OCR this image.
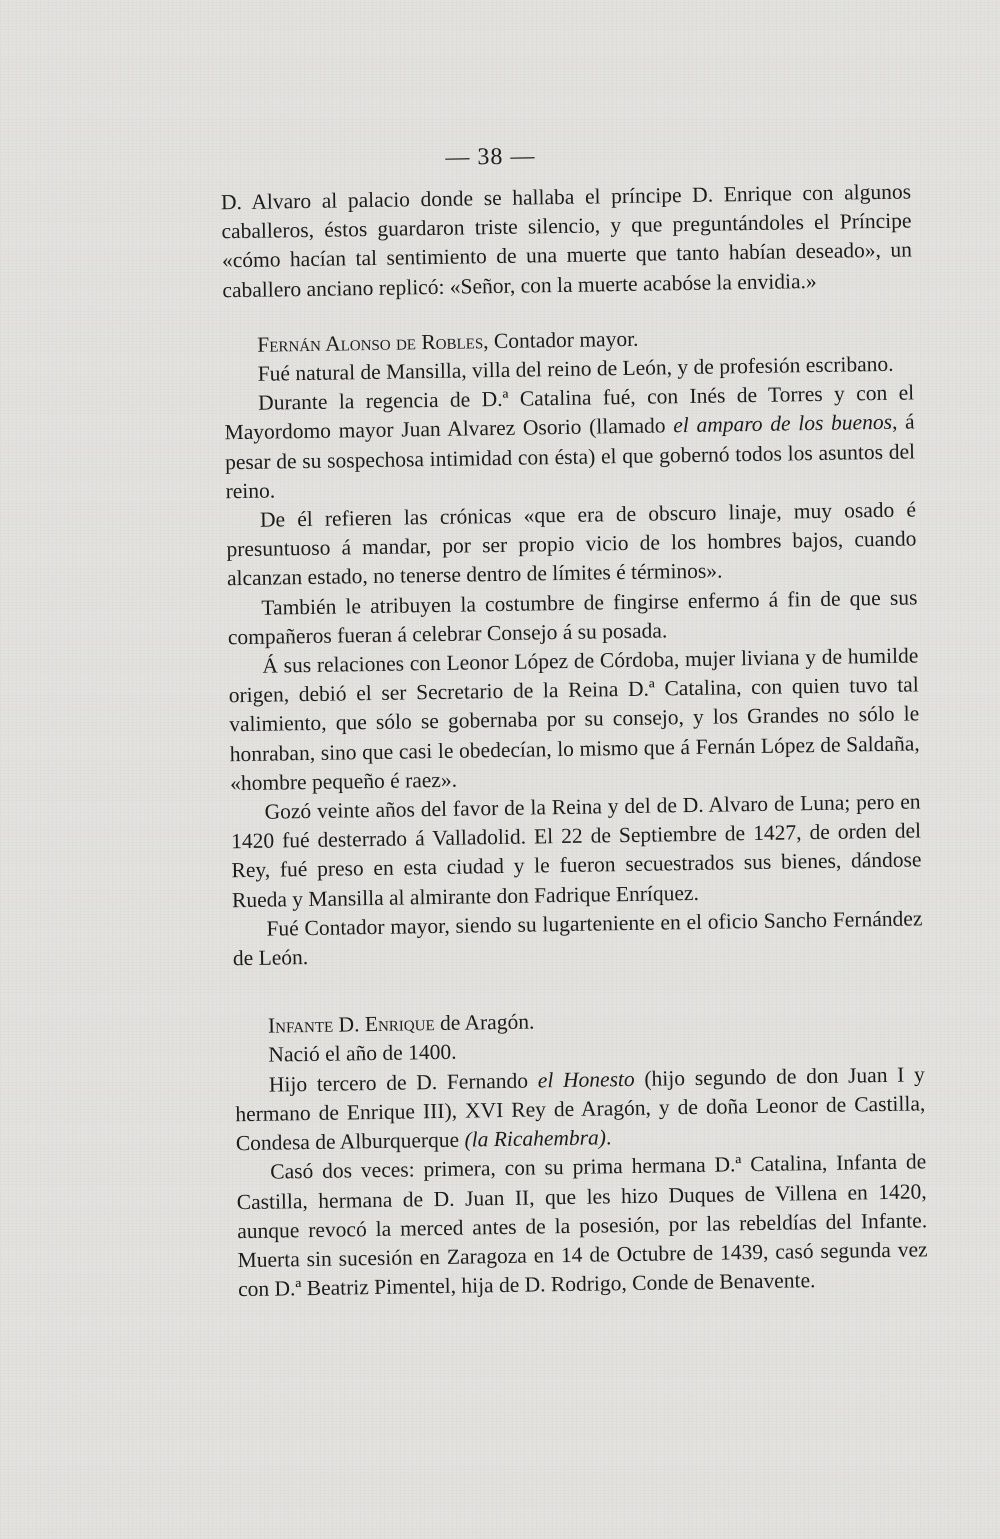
— 38 —

D. Alvaro al palacio donde se hallaba el príncipe D. Enrique con algunos caballeros, éstos guardaron triste silencio, y que preguntándoles el Príncipe «cómo hacían tal sentimiento de una muerte que tanto habían deseado», un caballero anciano replicó: «Señor, con la muerte acabóse la envidia.»

Fernán Alonso de Robles, Contador mayor.

Fué natural de Mansilla, villa del reino de León, y de profesión escribano.

Durante la regencia de D.ª Catalina fué, con Inés de Torres y con el Mayordomo mayor Juan Alvarez Osorio (llamado el amparo de los buenos, á pesar de su sospechosa intimidad con ésta) el que gobernó todos los asuntos del reino.

De él refieren las crónicas «que era de obscuro linaje, muy osado é presuntuoso á mandar, por ser propio vicio de los hombres bajos, cuando alcanzan estado, no tenerse dentro de límites é términos».

También le atribuyen la costumbre de fingirse enfermo á fin de que sus compañeros fueran á celebrar Consejo á su posada.

Á sus relaciones con Leonor López de Córdoba, mujer liviana y de humilde origen, debió el ser Secretario de la Reina D.ª Catalina, con quien tuvo tal valimiento, que sólo se gobernaba por su consejo, y los Grandes no sólo le honraban, sino que casi le obedecían, lo mismo que á Fernán López de Saldaña, «hombre pequeño é raez».

Gozó veinte años del favor de la Reina y del de D. Alvaro de Luna; pero en 1420 fué desterrado á Valladolid. El 22 de Septiembre de 1427, de orden del Rey, fué preso en esta ciudad y le fueron secuestrados sus bienes, dándose Rueda y Mansilla al almirante don Fadrique Enríquez.

Fué Contador mayor, siendo su lugarteniente en el oficio Sancho Fernández de León.

Infante D. Enrique de Aragón.

Nació el año de 1400.

Hijo tercero de D. Fernando el Honesto (hijo segundo de don Juan I y hermano de Enrique III), XVI Rey de Aragón, y de doña Leonor de Castilla, Condesa de Alburquerque (la Ricahembra).

Casó dos veces: primera, con su prima hermana D.ª Catalina, Infanta de Castilla, hermana de D. Juan II, que les hizo Duques de Villena en 1420, aunque revocó la merced antes de la posesión, por las rebeldías del Infante. Muerta sin sucesión en Zaragoza en 14 de Octubre de 1439, casó segunda vez con D.ª Beatriz Pimentel, hija de D. Rodrigo, Conde de Benavente.
